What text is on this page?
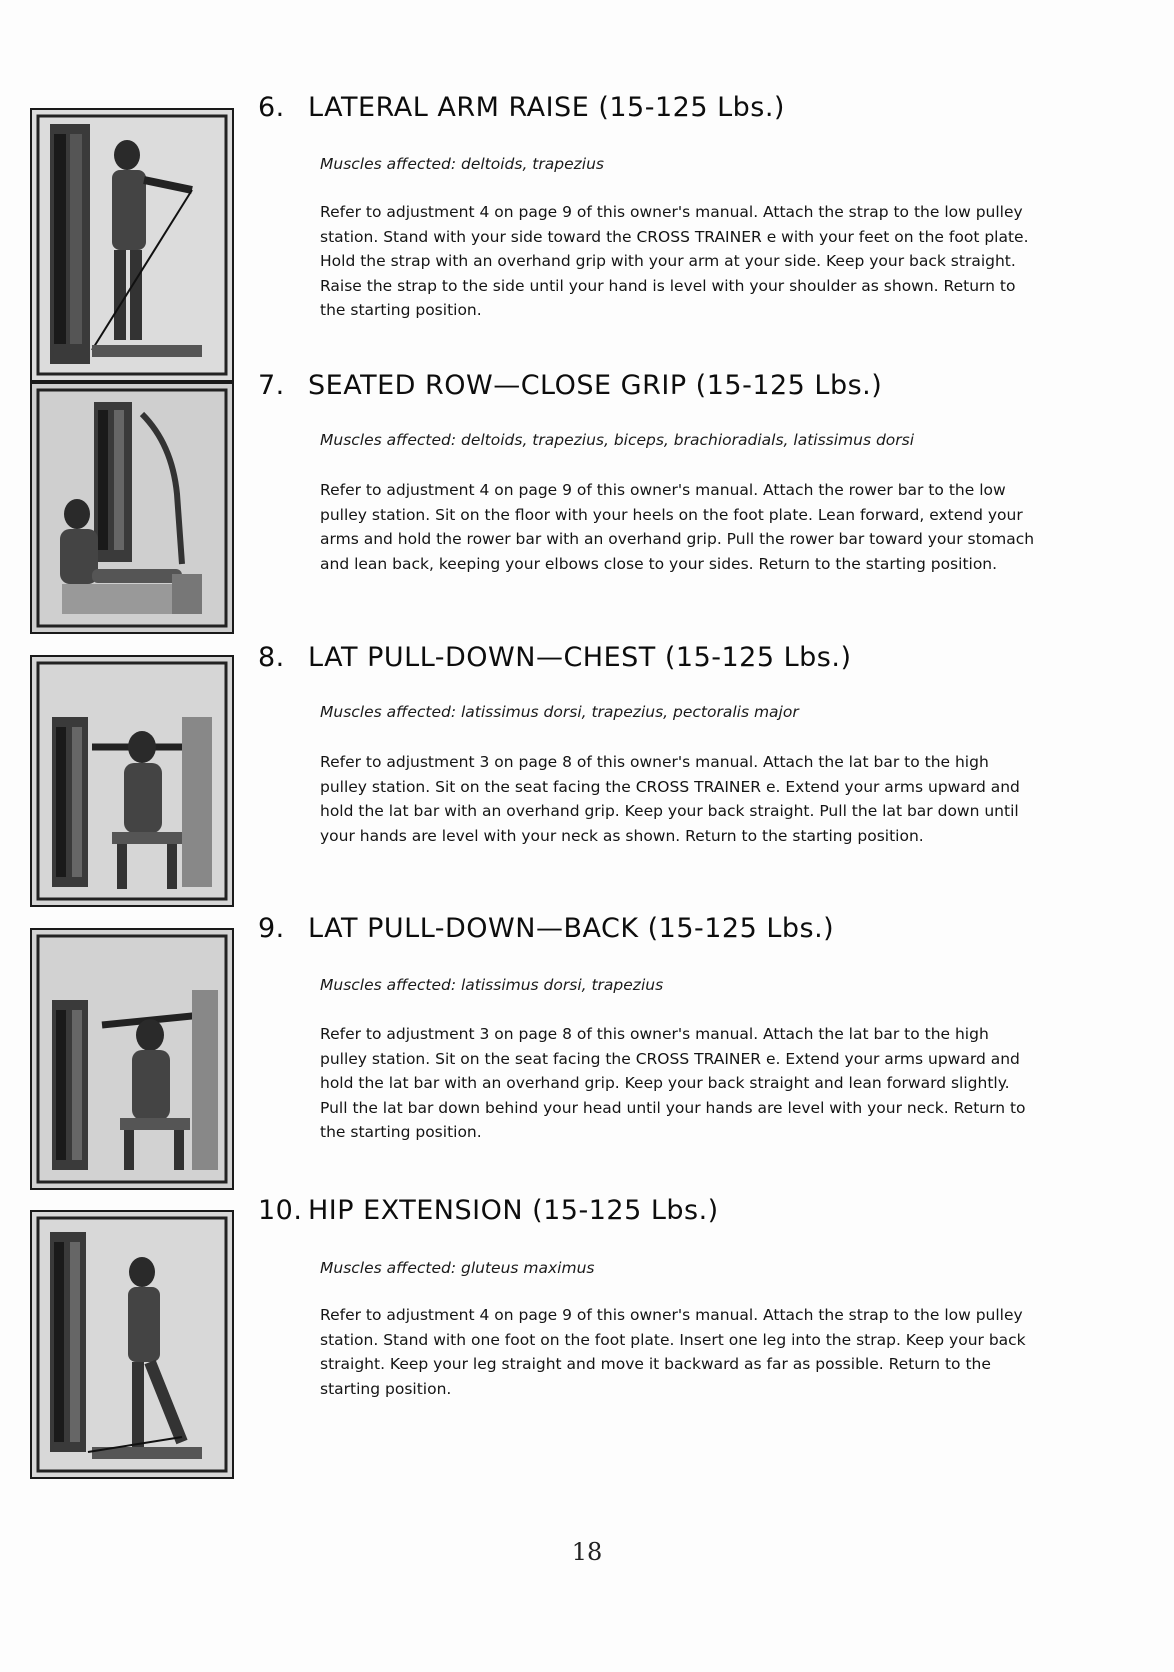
6. LATERAL ARM RAISE (15-125 Lbs.)
Muscles affected: deltoids, trapezius
Refer to adjustment 4 on page 9 of this owner's manual. Attach the strap to the low pulley station. Stand with your side toward the CROSS TRAINER e with your feet on the foot plate. Hold the strap with an overhand grip with your arm at your side. Keep your back straight. Raise the strap to the side until your hand is level with your shoulder as shown. Return to the starting position.
7. SEATED ROW—CLOSE GRIP (15-125 Lbs.)
Muscles affected: deltoids, trapezius, biceps, brachioradials, latissimus dorsi
Refer to adjustment 4 on page 9 of this owner's manual. Attach the rower bar to the low pulley station. Sit on the floor with your heels on the foot plate. Lean forward, extend your arms and hold the rower bar with an overhand grip. Pull the rower bar toward your stomach and lean back, keeping your elbows close to your sides. Return to the starting position.
8. LAT PULL-DOWN—CHEST (15-125 Lbs.)
Muscles affected: latissimus dorsi, trapezius, pectoralis major
Refer to adjustment 3 on page 8 of this owner's manual. Attach the lat bar to the high pulley station. Sit on the seat facing the CROSS TRAINER e. Extend your arms upward and hold the lat bar with an overhand grip. Keep your back straight. Pull the lat bar down until your hands are level with your neck as shown. Return to the starting position.
9. LAT PULL-DOWN—BACK (15-125 Lbs.)
Muscles affected: latissimus dorsi, trapezius
Refer to adjustment 3 on page 8 of this owner's manual. Attach the lat bar to the high pulley station. Sit on the seat facing the CROSS TRAINER e. Extend your arms upward and hold the lat bar with an overhand grip. Keep your back straight and lean forward slightly. Pull the lat bar down behind your head until your hands are level with your neck. Return to the starting position.
10. HIP EXTENSION (15-125 Lbs.)
Muscles affected: gluteus maximus
Refer to adjustment 4 on page 9 of this owner's manual. Attach the strap to the low pulley station. Stand with one foot on the foot plate. Insert one leg into the strap. Keep your back straight. Keep your leg straight and move it backward as far as possible. Return to the starting position.
18
